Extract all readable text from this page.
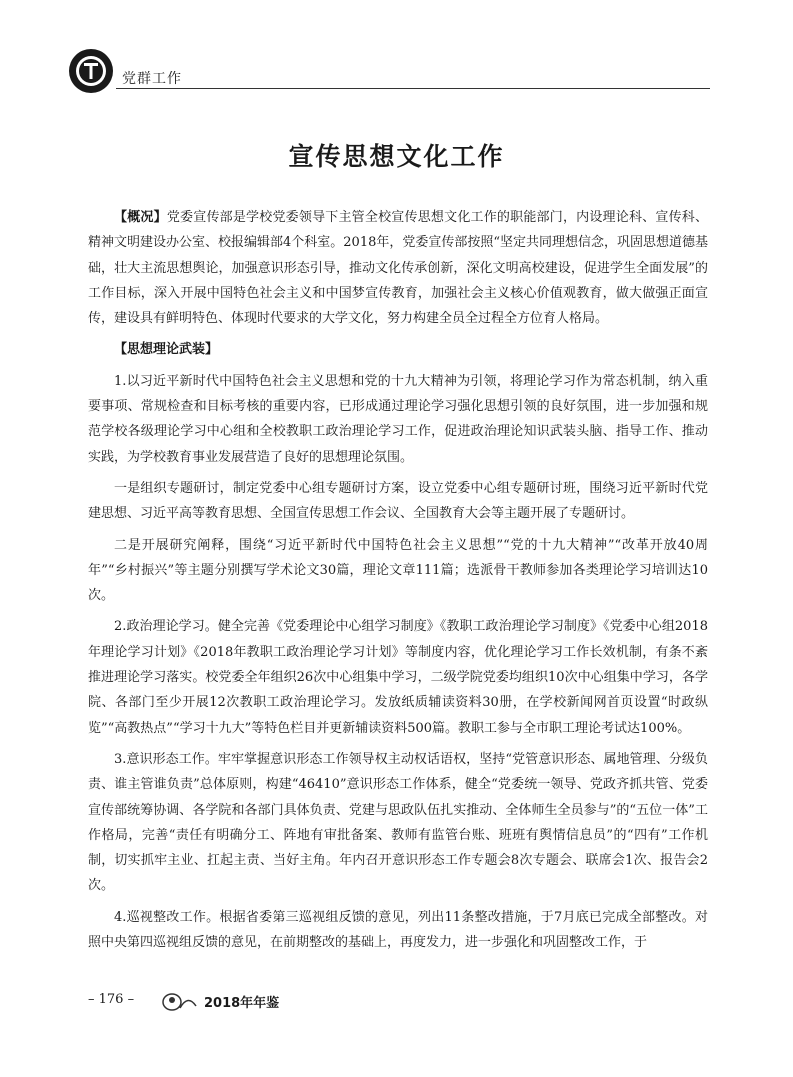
党群工作
宣传思想文化工作

【概况】党委宣传部是学校党委领导下主管全校宣传思想文化工作的职能部门，内设理论科、宣传科、精神文明建设办公室、校报编辑部4个科室。2018年，党委宣传部按照“坚定共同理想信念，巩固思想道德基础，壮大主流思想舆论，加强意识形态引导，推动文化传承创新，深化文明高校建设，促进学生全面发展”的工作目标，深入开展中国特色社会主义和中国梦宣传教育，加强社会主义核心价值观教育，做大做强正面宣传，建设具有鲜明特色、体现时代要求的大学文化，努力构建全员全过程全方位育人格局。

【思想理论武装】

1.以习近平新时代中国特色社会主义思想和党的十九大精神为引领，将理论学习作为常态机制，纳入重要事项、常规检查和目标考核的重要内容，已形成通过理论学习强化思想引领的良好氛围，进一步加强和规范学校各级理论学习中心组和全校教职工政治理论学习工作，促进政治理论知识武装头脑、指导工作、推动实践，为学校教育事业发展营造了良好的思想理论氛围。

一是组织专题研讨，制定党委中心组专题研讨方案，设立党委中心组专题研讨班，围绕习近平新时代党建思想、习近平高等教育思想、全国宣传思想工作会议、全国教育大会等主题开展了专题研讨。

二是开展研究阐释，围绕“习近平新时代中国特色社会主义思想”“党的十九大精神”“改革开放40周年”“乡村振兴”等主题分别撰写学术论文30篇，理论文章111篇；选派骨干教师参加各类理论学习培训达10次。

2.政治理论学习。健全完善《党委理论中心组学习制度》《教职工政治理论学习制度》《党委中心组2018年理论学习计划》《2018年教职工政治理论学习计划》等制度内容，优化理论学习工作长效机制，有条不紊推进理论学习落实。校党委全年组织26次中心组集中学习，二级学院党委均组织10次中心组集中学习，各学院、各部门至少开展12次教职工政治理论学习。发放纸质辅读资料30册，在学校新闻网首页设置“时政纵览”“高教热点”“学习十九大”等特色栏目并更新辅读资料500篇。教职工参与全市职工理论考试达100%。

3.意识形态工作。牢牢掌握意识形态工作领导权主动权话语权，坚持“党管意识形态、属地管理、分级负责、谁主管谁负责”总体原则，构建“46410”意识形态工作体系，健全“党委统一领导、党政齐抓共管、党委宣传部统筹协调、各学院和各部门具体负责、党建与思政队伍扎实推动、全体师生全员参与”的“五位一体”工作格局，完善“责任有明确分工、阵地有审批备案、教师有监管台账、班班有舆情信息员”的“四有”工作机制，切实抓牢主业、扛起主责、当好主角。年内召开意识形态工作专题会8次专题会、联席会1次、报告会2次。

4.巡视整改工作。根据省委第三巡视组反馈的意见，列出11条整改措施，于7月底已完成全部整改。对照中央第四巡视组反馈的意见，在前期整改的基础上，再度发力，进一步强化和巩固整改工作，于

– 176 –	2018年年鉴
